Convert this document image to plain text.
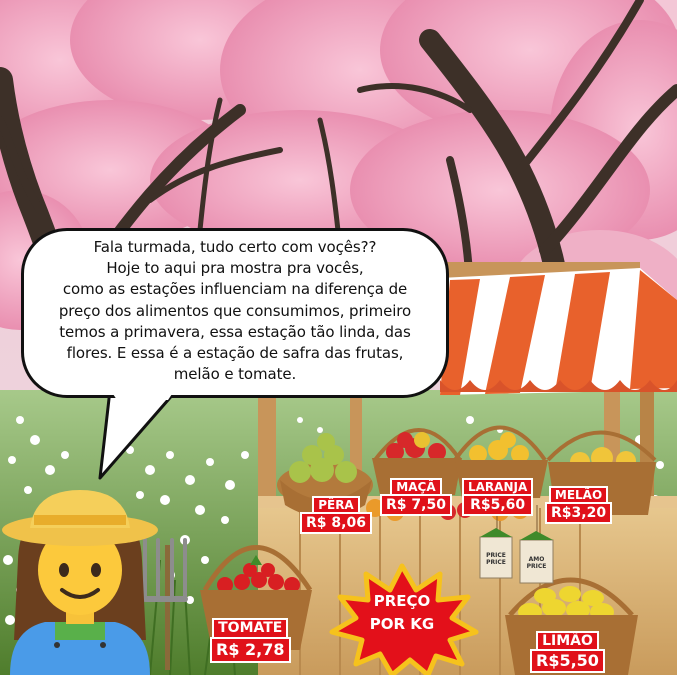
Fala turmada, tudo certo com voçês??

Hoje to aqui pra mostra pra vocês,

como as estações influenciam na diferença de

preço dos alimentos que consumimos, primeiro

temos a primavera, essa estação tão linda, das

flores. E essa é a estação de safra das frutas,

melão e tomate.

PÊRA
R$ 8,06
MAÇÃ
R$ 7,50
LARANJA
R$5,60
MELÃO
R$3,20
TOMATE
R$ 2,78	LIMÃO
R$5,50
PREÇO
POR KG
PRICE PRICE	AMO PRICE
